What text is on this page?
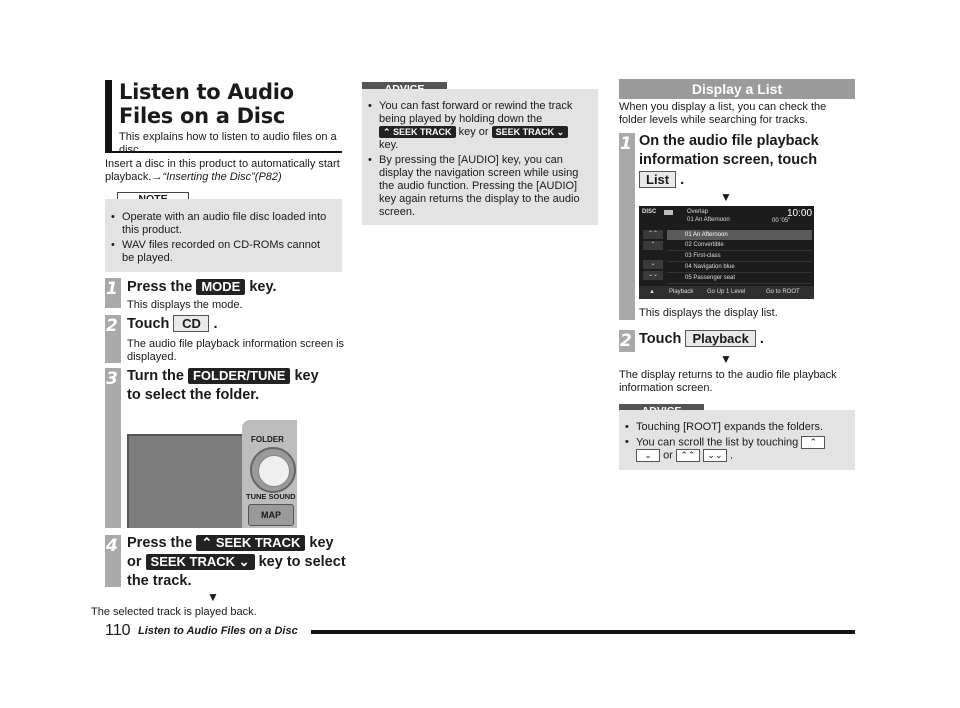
Listen to Audio Files on a Disc
This explains how to listen to audio files on a disc.
Insert a disc in this product to automatically start playback.→“Inserting the Disc”(P82)
• Operate with an audio file disc loaded into this product.
• WAV files recorded on CD-ROMs cannot be played.
1 Press the MODE key.
This displays the mode.
2 Touch CD .
The audio file playback information screen is displayed.
3 Turn the FOLDER/TUNE key
to select the folder.
FOLDER
TUNE SOUND
MAP
4 Press the ⌃ SEEK TRACK key
or SEEK TRACK ⌄ key to select
the track.
▼
The selected track is played back.
• You can fast forward or rewind the track being played by holding down the ⌃ SEEK TRACK key or SEEK TRACK ⌄ key.
• By pressing the [AUDIO] key, you can display the navigation screen while using the audio function. Pressing the [AUDIO] key again returns the display to the audio screen.
Display a List
When you display a list, you can check the folder levels while searching for tracks.
1 On the audio file playback
information screen, touch
List .
▼
DISC	Overlap
01 An Afternoon
10:00
00 '05"
⌃⌃
⌃
⌄
⌄⌄
01 An Afternoon
02 Convertible
03 First-class
04 Navigation blue
05 Passenger seat
▲ Playback Go Up 1 Level	Go to ROOT
This displays the display list.
2 Touch Playback .
▼
The display returns to the audio file playback information screen.
• Touching [ROOT] expands the folders.
• You can scroll the list by touching ⌃
⌄ or ⌃⌃ ⌄⌄ .
110 Listen to Audio Files on a Disc
